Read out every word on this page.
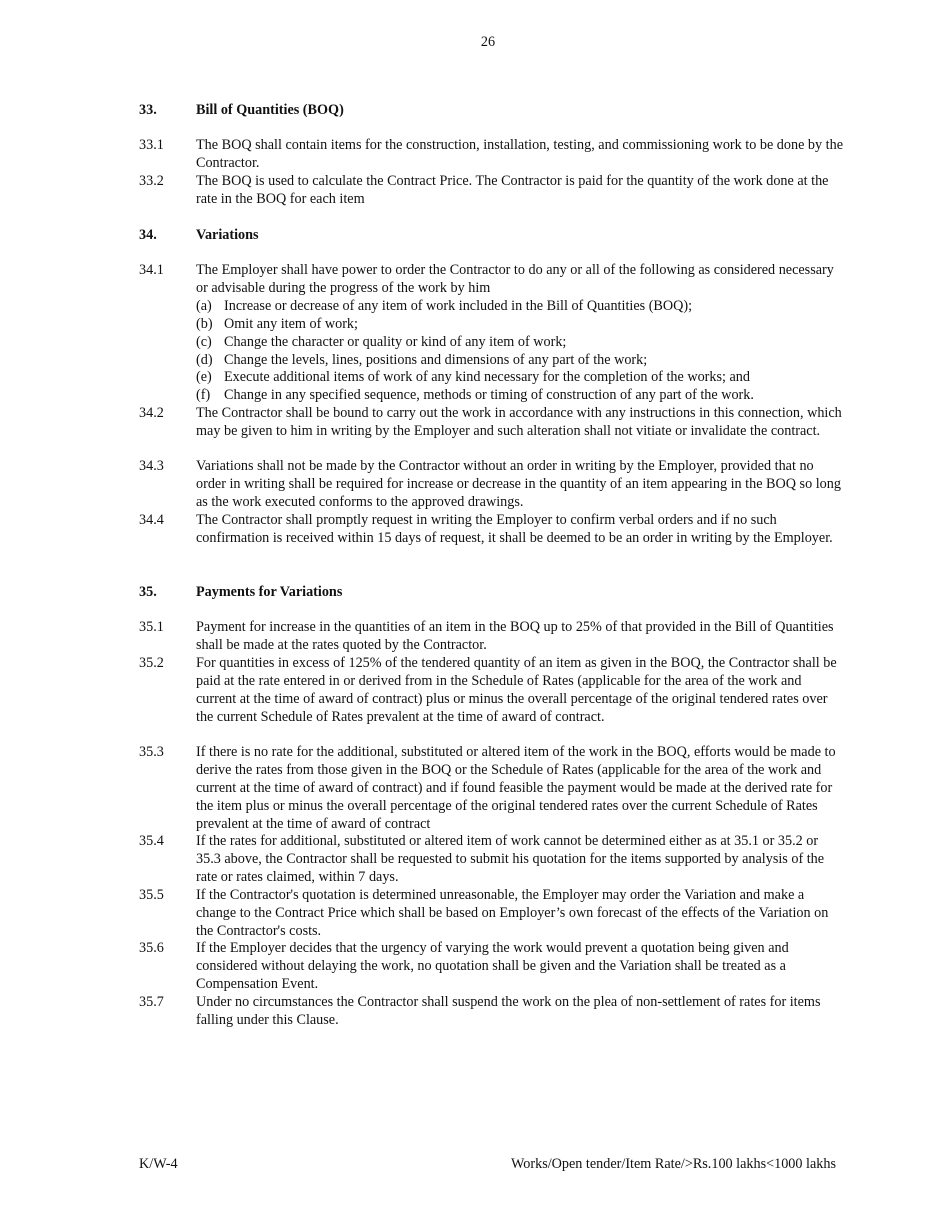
26
33.	Bill of Quantities (BOQ)
33.1 The BOQ shall contain items for the construction, installation, testing, and commissioning work to be done by the Contractor.
33.2 The BOQ is used to calculate the Contract Price. The Contractor is paid for the quantity of the work done at the rate in the BOQ for each item
34.	Variations
34.1 The Employer shall have power to order the Contractor to do any or all of the following as considered necessary or advisable during the progress of the work by him
(a) Increase or decrease of any item of work included in the Bill of Quantities (BOQ);
(b) Omit any item of work;
(c) Change the character or quality or kind of any item of work;
(d) Change the levels, lines, positions and dimensions of any part of the work;
(e) Execute additional items of work of any kind necessary for the completion of the works; and
(f) Change in any specified sequence, methods or timing of construction of any part of the work.
34.2 The Contractor shall be bound to carry out the work in accordance with any instructions in this connection, which may be given to him in writing by the Employer and such alteration shall not vitiate or invalidate the contract.
34.3 Variations shall not be made by the Contractor without an order in writing by the Employer, provided that no order in writing shall be required for increase or decrease in the quantity of an item appearing in the BOQ so long as the work executed conforms to the approved drawings.
34.4 The Contractor shall promptly request in writing the Employer to confirm verbal orders and if no such confirmation is received within 15 days of request, it shall be deemed to be an order in writing by the Employer.
35.	Payments for Variations
35.1 Payment for increase in the quantities of an item in the BOQ up to 25% of that provided in the Bill of Quantities shall be made at the rates quoted by the Contractor.
35.2 For quantities in excess of 125% of the tendered quantity of an item as given in the BOQ, the Contractor shall be paid at the rate entered in or derived from in the Schedule of Rates (applicable for the area of the work and current at the time of award of contract) plus or minus the overall percentage of the original tendered rates over the current Schedule of Rates prevalent at the time of award of contract.
35.3 If there is no rate for the additional, substituted or altered item of the work in the BOQ, efforts would be made to derive the rates from those given in the BOQ or the Schedule of Rates (applicable for the area of the work and current at the time of award of contract) and if found feasible the payment would be made at the derived rate for the item plus or minus the overall percentage of the original tendered rates over the current Schedule of Rates prevalent at the time of award of contract
35.4 If the rates for additional, substituted or altered item of work cannot be determined either as at 35.1 or 35.2 or 35.3 above, the Contractor shall be requested to submit his quotation for the items supported by analysis of the rate or rates claimed, within 7 days.
35.5 If the Contractor's quotation is determined unreasonable, the Employer may order the Variation and make a change to the Contract Price which shall be based on Employer’s own forecast of the effects of the Variation on the Contractor's costs.
35.6 If the Employer decides that the urgency of varying the work would prevent a quotation being given and considered without delaying the work, no quotation shall be given and the Variation shall be treated as a Compensation Event.
35.7 Under no circumstances the Contractor shall suspend the work on the plea of non-settlement of rates for items falling under this Clause.
K/W-4	Works/Open tender/Item Rate/>Rs.100 lakhs<1000 lakhs
